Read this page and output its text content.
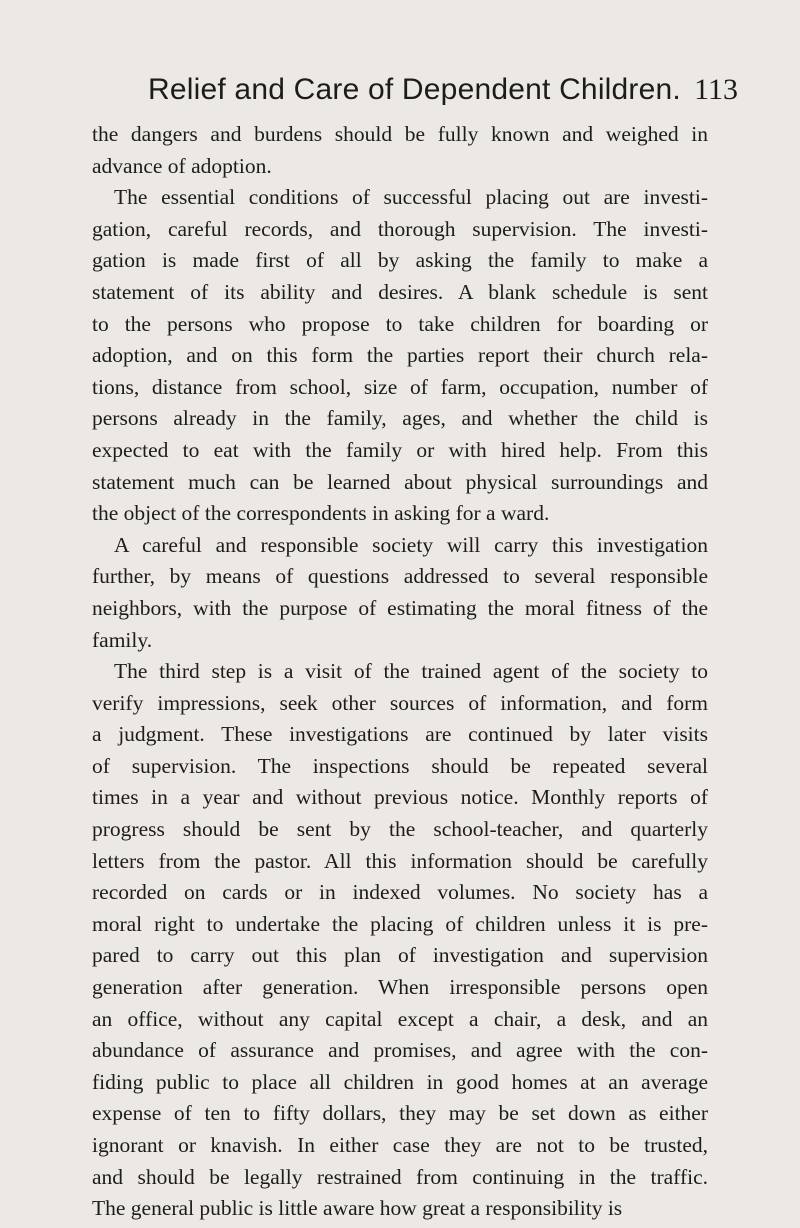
Relief and Care of Dependent Children. 113
the dangers and burdens should be fully known and weighed in
advance of adoption.
The essential conditions of successful placing out are investi-
gation, careful records, and thorough supervision. The investi-
gation is made first of all by asking the family to make a
statement of its ability and desires. A blank schedule is sent
to the persons who propose to take children for boarding or
adoption, and on this form the parties report their church rela-
tions, distance from school, size of farm, occupation, number of
persons already in the family, ages, and whether the child is
expected to eat with the family or with hired help. From this
statement much can be learned about physical surroundings and
the object of the correspondents in asking for a ward.
A careful and responsible society will carry this investigation
further, by means of questions addressed to several responsible
neighbors, with the purpose of estimating the moral fitness of the
family.
The third step is a visit of the trained agent of the society to
verify impressions, seek other sources of information, and form
a judgment. These investigations are continued by later visits
of supervision. The inspections should be repeated several
times in a year and without previous notice. Monthly reports of
progress should be sent by the school-teacher, and quarterly
letters from the pastor. All this information should be carefully
recorded on cards or in indexed volumes. No society has a
moral right to undertake the placing of children unless it is pre-
pared to carry out this plan of investigation and supervision
generation after generation. When irresponsible persons open
an office, without any capital except a chair, a desk, and an
abundance of assurance and promises, and agree with the con-
fiding public to place all children in good homes at an average
expense of ten to fifty dollars, they may be set down as either
ignorant or knavish. In either case they are not to be trusted,
and should be legally restrained from continuing in the traffic.
The general public is little aware how great a responsibility is
